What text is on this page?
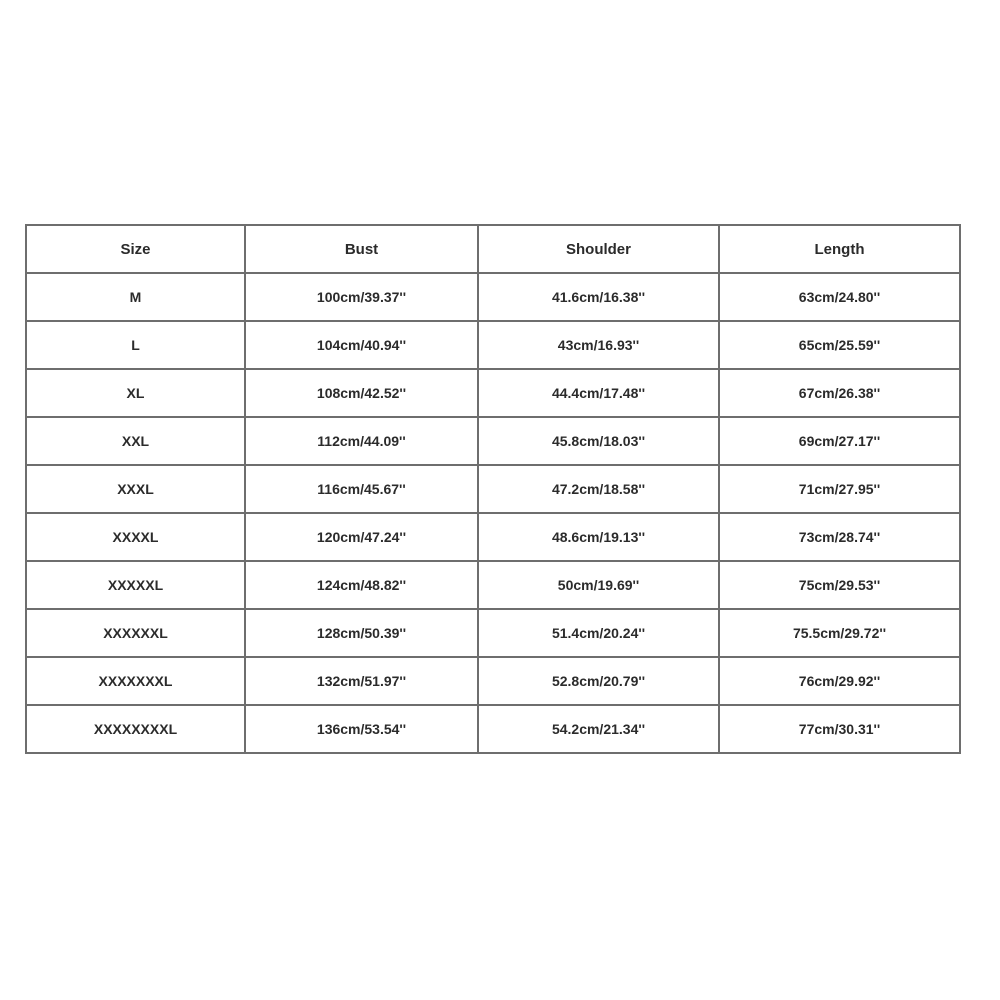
Size	Bust	Shoulder	Length
M	100cm/39.37''	41.6cm/16.38''	63cm/24.80''
L	104cm/40.94''	43cm/16.93''	65cm/25.59''
XL	108cm/42.52''	44.4cm/17.48''	67cm/26.38''
XXL	112cm/44.09''	45.8cm/18.03''	69cm/27.17''
XXXL	116cm/45.67''	47.2cm/18.58''	71cm/27.95''
XXXXL	120cm/47.24''	48.6cm/19.13''	73cm/28.74''
XXXXXL	124cm/48.82''	50cm/19.69''	75cm/29.53''
XXXXXXL	128cm/50.39''	51.4cm/20.24''	75.5cm/29.72''
XXXXXXXL	132cm/51.97''	52.8cm/20.79''	76cm/29.92''
XXXXXXXXL	136cm/53.54''	54.2cm/21.34''	77cm/30.31''
